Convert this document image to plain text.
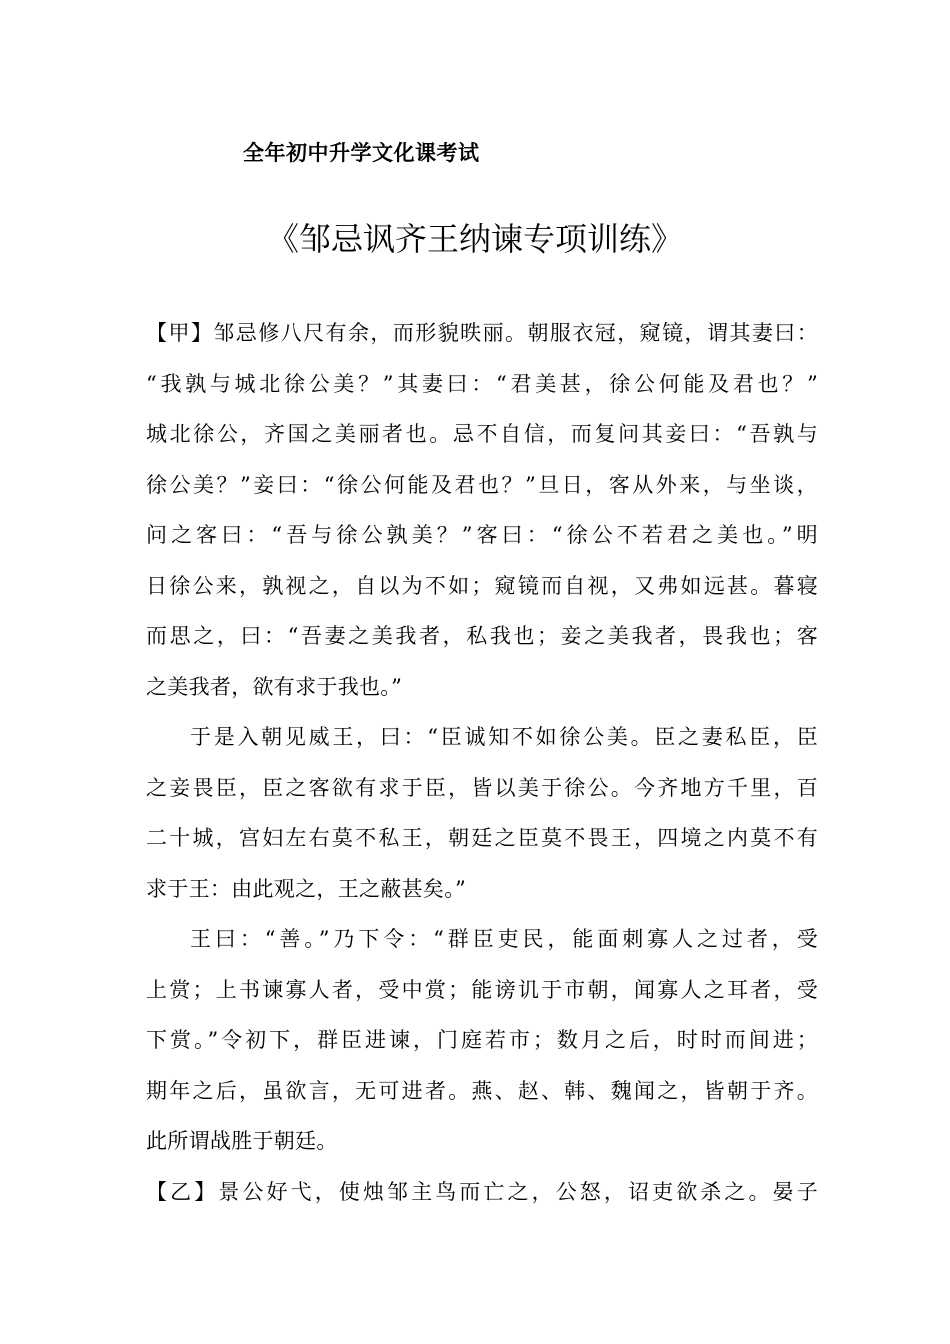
全年初中升学文化课考试
《邹忌讽齐王纳谏专项训练》
【甲】邹忌修八尺有余，而形貌昳丽。朝服衣冠，窥镜，谓其妻曰：
“我孰与城北徐公美？”其妻曰：“君美甚，徐公何能及君也？”
城北徐公，齐国之美丽者也。忌不自信，而复问其妾曰：“吾孰与
徐公美？”妾曰：“徐公何能及君也？”旦日，客从外来，与坐谈，
问之客曰：“吾与徐公孰美？”客曰：“徐公不若君之美也。”明
日徐公来，孰视之，自以为不如；窥镜而自视，又弗如远甚。暮寝
而思之，曰：“吾妻之美我者，私我也；妾之美我者，畏我也；客
之美我者，欲有求于我也。”
于是入朝见威王，曰：“臣诚知不如徐公美。臣之妻私臣，臣
之妾畏臣，臣之客欲有求于臣，皆以美于徐公。今齐地方千里，百
二十城，宫妇左右莫不私王，朝廷之臣莫不畏王，四境之内莫不有
求于王：由此观之，王之蔽甚矣。”
王曰：“善。”乃下令：“群臣吏民，能面刺寡人之过者，受
上赏；上书谏寡人者，受中赏；能谤讥于市朝，闻寡人之耳者，受
下赏。”令初下，群臣进谏，门庭若市；数月之后，时时而间进；
期年之后，虽欲言，无可进者。燕、赵、韩、魏闻之，皆朝于齐。
此所谓战胜于朝廷。
【乙】景公好弋，使烛邹主鸟而亡之，公怒，诏吏欲杀之。晏子
